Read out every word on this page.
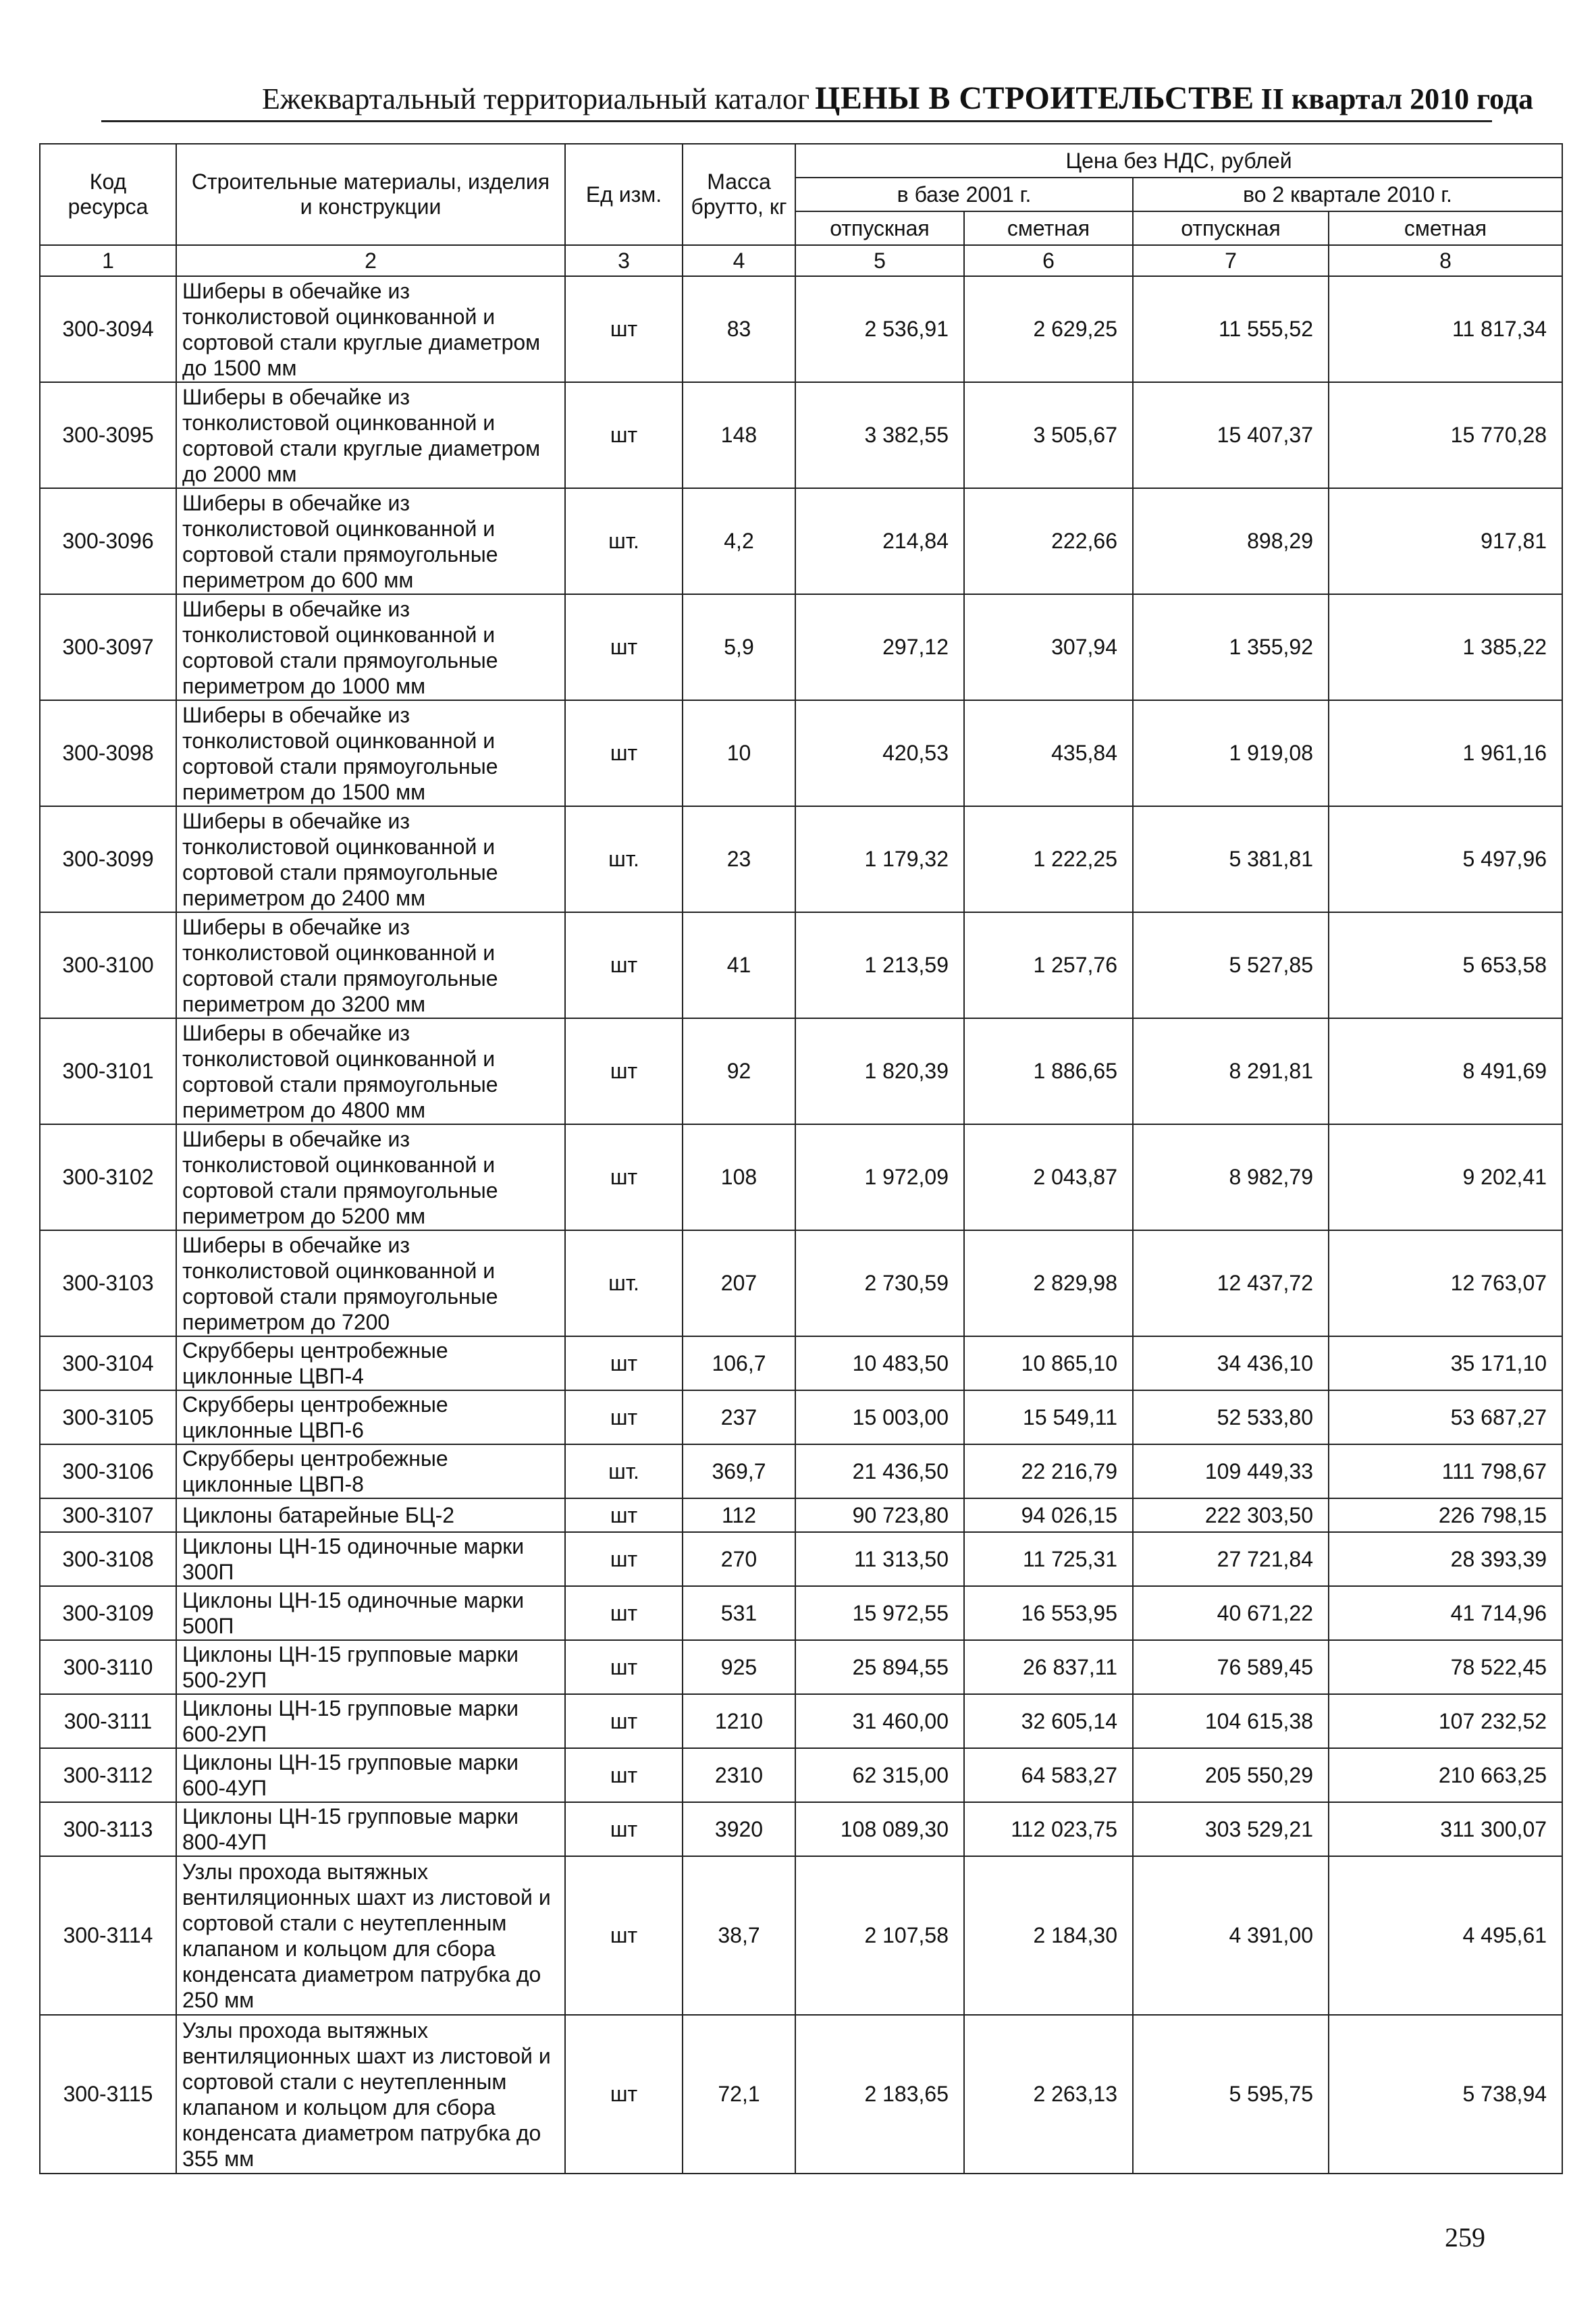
Ежеквартальный территориальный каталог ЦЕНЫ В СТРОИТЕЛЬСТВЕ II квартал 2010 года
Код ресурса	Строительные материалы, изделия и конструкции	Ед изм.	Масса брутто, кг	Цена без НДС, рублей			
				в базе 2001 г.		во 2 квартале 2010 г.	
				отпускная	сметная	отпускная	сметная
1	2	3	4	5	6	7	8
300-3094	Шиберы в обечайке из тонколистовой оцинкованной и сортовой стали круглые диаметром до 1500 мм	шт	83	2 536,91	2 629,25	11 555,52	11 817,34
300-3095	Шиберы в обечайке из тонколистовой оцинкованной и сортовой стали круглые диаметром до 2000 мм	шт	148	3 382,55	3 505,67	15 407,37	15 770,28
300-3096	Шиберы в обечайке из тонколистовой оцинкованной и сортовой стали прямоугольные периметром до 600 мм	шт.	4,2	214,84	222,66	898,29	917,81
300-3097	Шиберы в обечайке из тонколистовой оцинкованной и сортовой стали прямоугольные периметром до 1000 мм	шт	5,9	297,12	307,94	1 355,92	1 385,22
300-3098	Шиберы в обечайке из тонколистовой оцинкованной и сортовой стали прямоугольные периметром до 1500 мм	шт	10	420,53	435,84	1 919,08	1 961,16
300-3099	Шиберы в обечайке из тонколистовой оцинкованной и сортовой стали прямоугольные периметром до 2400 мм	шт.	23	1 179,32	1 222,25	5 381,81	5 497,96
300-3100	Шиберы в обечайке из тонколистовой оцинкованной и сортовой стали прямоугольные периметром до 3200 мм	шт	41	1 213,59	1 257,76	5 527,85	5 653,58
300-3101	Шиберы в обечайке из тонколистовой оцинкованной и сортовой стали прямоугольные периметром до 4800 мм	шт	92	1 820,39	1 886,65	8 291,81	8 491,69
300-3102	Шиберы в обечайке из тонколистовой оцинкованной и сортовой стали прямоугольные периметром до 5200 мм	шт	108	1 972,09	2 043,87	8 982,79	9 202,41
300-3103	Шиберы в обечайке из тонколистовой оцинкованной и сортовой стали прямоугольные периметром до 7200	шт.	207	2 730,59	2 829,98	12 437,72	12 763,07
300-3104	Скрубберы центробежные циклонные ЦВП-4	шт	106,7	10 483,50	10 865,10	34 436,10	35 171,10
300-3105	Скрубберы центробежные циклонные ЦВП-6	шт	237	15 003,00	15 549,11	52 533,80	53 687,27
300-3106	Скрубберы центробежные циклонные ЦВП-8	шт.	369,7	21 436,50	22 216,79	109 449,33	111 798,67
300-3107	Циклоны батарейные БЦ-2	шт	112	90 723,80	94 026,15	222 303,50	226 798,15
300-3108	Циклоны ЦН-15 одиночные марки 300П	шт	270	11 313,50	11 725,31	27 721,84	28 393,39
300-3109	Циклоны ЦН-15 одиночные марки 500П	шт	531	15 972,55	16 553,95	40 671,22	41 714,96
300-3110	Циклоны ЦН-15 групповые марки 500-2УП	шт	925	25 894,55	26 837,11	76 589,45	78 522,45
300-3111	Циклоны ЦН-15 групповые марки 600-2УП	шт	1210	31 460,00	32 605,14	104 615,38	107 232,52
300-3112	Циклоны ЦН-15 групповые марки 600-4УП	шт	2310	62 315,00	64 583,27	205 550,29	210 663,25
300-3113	Циклоны ЦН-15 групповые марки 800-4УП	шт	3920	108 089,30	112 023,75	303 529,21	311 300,07
300-3114	Узлы прохода вытяжных вентиляционных шахт из листовой и сортовой стали с неутепленным клапаном и кольцом для сбора конденсата диаметром патрубка до 250 мм	шт	38,7	2 107,58	2 184,30	4 391,00	4 495,61
300-3115	Узлы прохода вытяжных вентиляционных шахт из листовой и сортовой стали с неутепленным клапаном и кольцом для сбора конденсата диаметром патрубка до 355 мм	шт	72,1	2 183,65	2 263,13	5 595,75	5 738,94
259
